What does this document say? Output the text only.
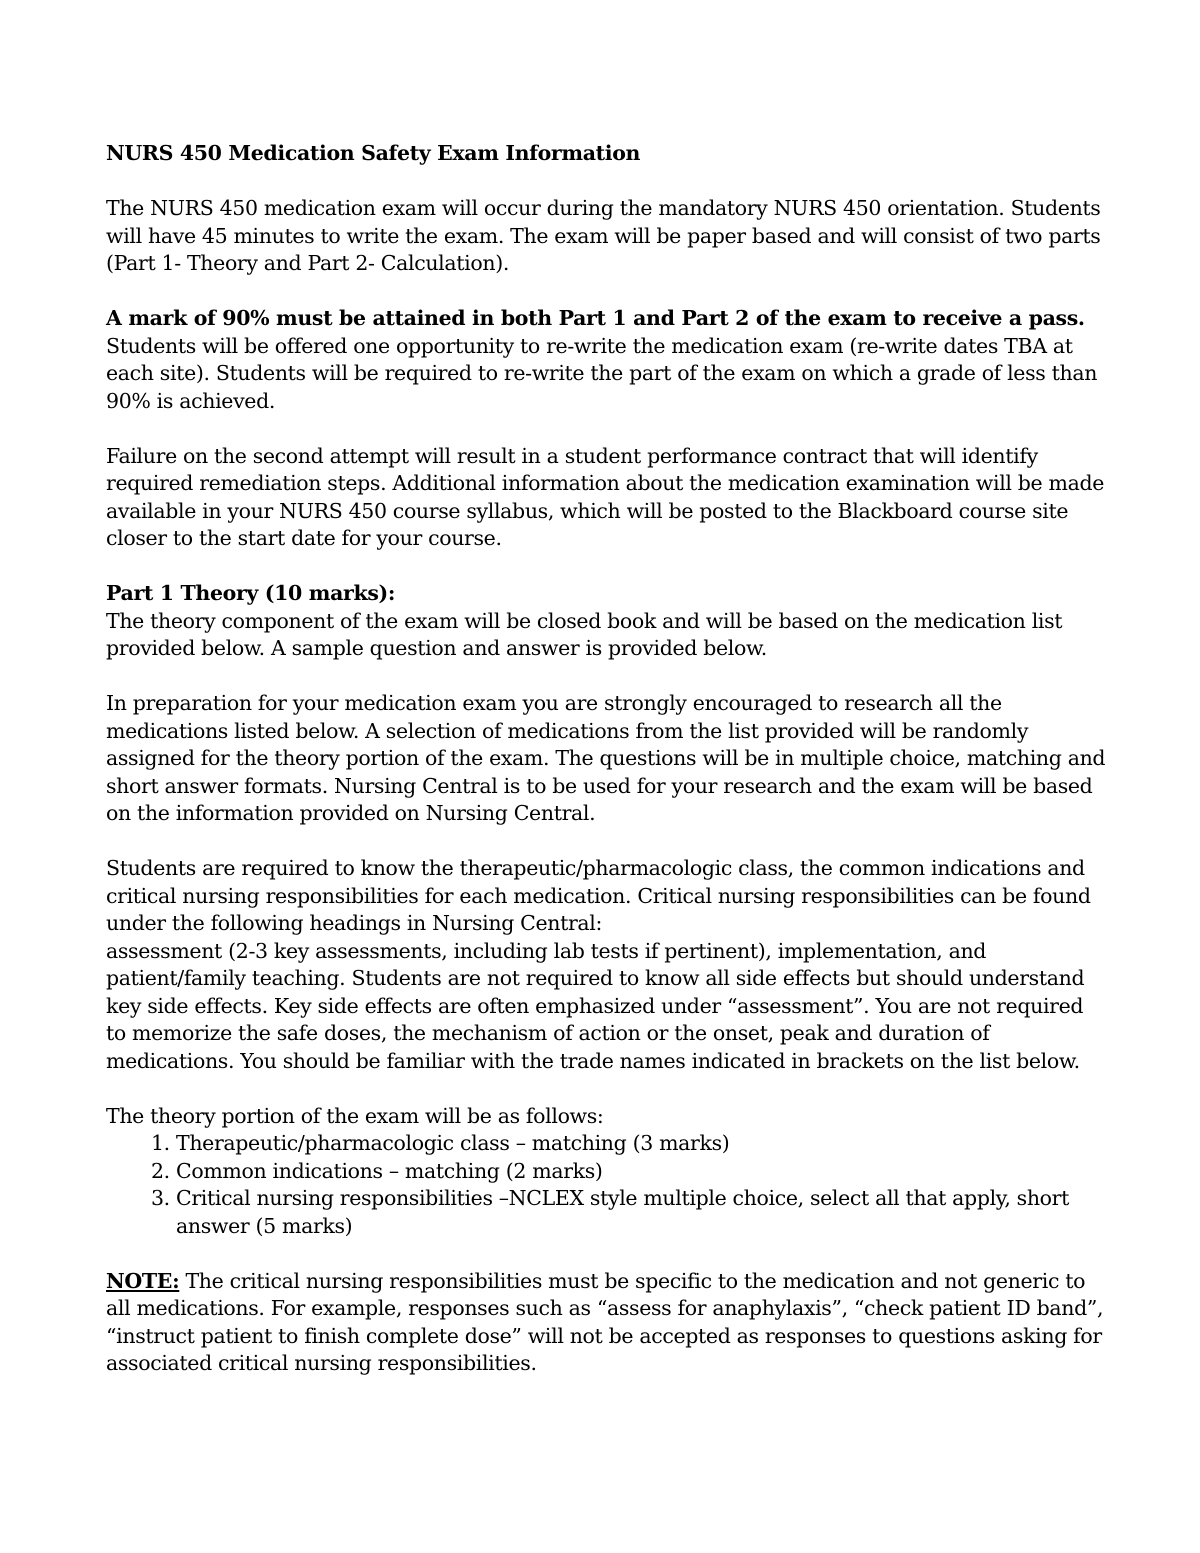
NURS 450 Medication Safety Exam Information

The NURS 450 medication exam will occur during the mandatory NURS 450 orientation. Students will have 45 minutes to write the exam. The exam will be paper based and will consist of two parts (Part 1- Theory and Part 2- Calculation).

A mark of 90% must be attained in both Part 1 and Part 2 of the exam to receive a pass. Students will be offered one opportunity to re-write the medication exam (re-write dates TBA at each site). Students will be required to re-write the part of the exam on which a grade of less than 90% is achieved.

Failure on the second attempt will result in a student performance contract that will identify required remediation steps. Additional information about the medication examination will be made available in your NURS 450 course syllabus, which will be posted to the Blackboard course site closer to the start date for your course.

Part 1 Theory (10 marks):
The theory component of the exam will be closed book and will be based on the medication list provided below. A sample question and answer is provided below.

In preparation for your medication exam you are strongly encouraged to research all the medications listed below. A selection of medications from the list provided will be randomly assigned for the theory portion of the exam. The questions will be in multiple choice, matching and short answer formats. Nursing Central is to be used for your research and the exam will be based on the information provided on Nursing Central.

Students are required to know the therapeutic/pharmacologic class, the common indications and critical nursing responsibilities for each medication. Critical nursing responsibilities can be found under the following headings in Nursing Central:
assessment (2-3 key assessments, including lab tests if pertinent), implementation, and patient/family teaching. Students are not required to know all side effects but should understand key side effects. Key side effects are often emphasized under “assessment”. You are not required to memorize the safe doses, the mechanism of action or the onset, peak and duration of medications. You should be familiar with the trade names indicated in brackets on the list below.

The theory portion of the exam will be as follows:
1. Therapeutic/pharmacologic class – matching (3 marks)
2. Common indications – matching (2 marks)
3. Critical nursing responsibilities –NCLEX style multiple choice, select all that apply, short answer (5 marks)

NOTE: The critical nursing responsibilities must be specific to the medication and not generic to all medications. For example, responses such as “assess for anaphylaxis”, “check patient ID band”, “instruct patient to finish complete dose” will not be accepted as responses to questions asking for associated critical nursing responsibilities.
